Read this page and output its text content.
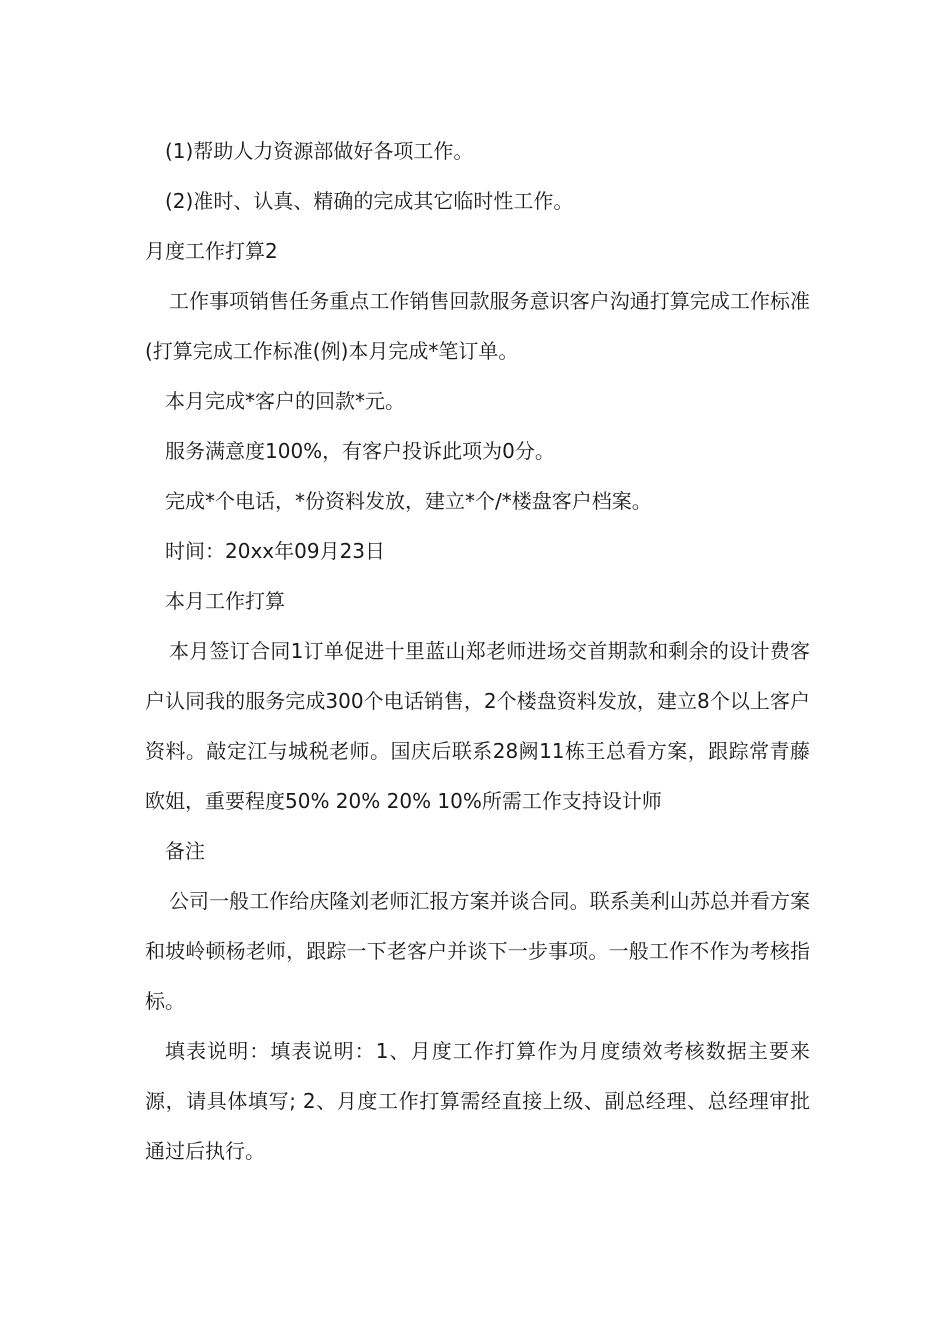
(1)帮助人力资源部做好各项工作。

(2)准时、认真、精确的完成其它临时性工作。

月度工作打算2

工作事项销售任务重点工作销售回款服务意识客户沟通打算完成工作标准(打算完成工作标准(例)本月完成*笔订单。

本月完成*客户的回款*元。

服务满意度100%，有客户投诉此项为0分。

完成*个电话，*份资料发放，建立*个/*楼盘客户档案。

时间：20xx年09月23日

本月工作打算

本月签订合同1订单促进十里蓝山郑老师进场交首期款和剩余的设计费客户认同我的服务完成300个电话销售，2个楼盘资料发放，建立8个以上客户资料。敲定江与城税老师。国庆后联系28阙11栋王总看方案，跟踪常青藤欧姐，重要程度50% 20% 20% 10%所需工作支持设计师

备注

公司一般工作给庆隆刘老师汇报方案并谈合同。联系美利山苏总并看方案和坡岭顿杨老师，跟踪一下老客户并谈下一步事项。一般工作不作为考核指标。

填表说明：填表说明：1、月度工作打算作为月度绩效考核数据主要来源，请具体填写; 2、月度工作打算需经直接上级、副总经理、总经理审批通过后执行。
